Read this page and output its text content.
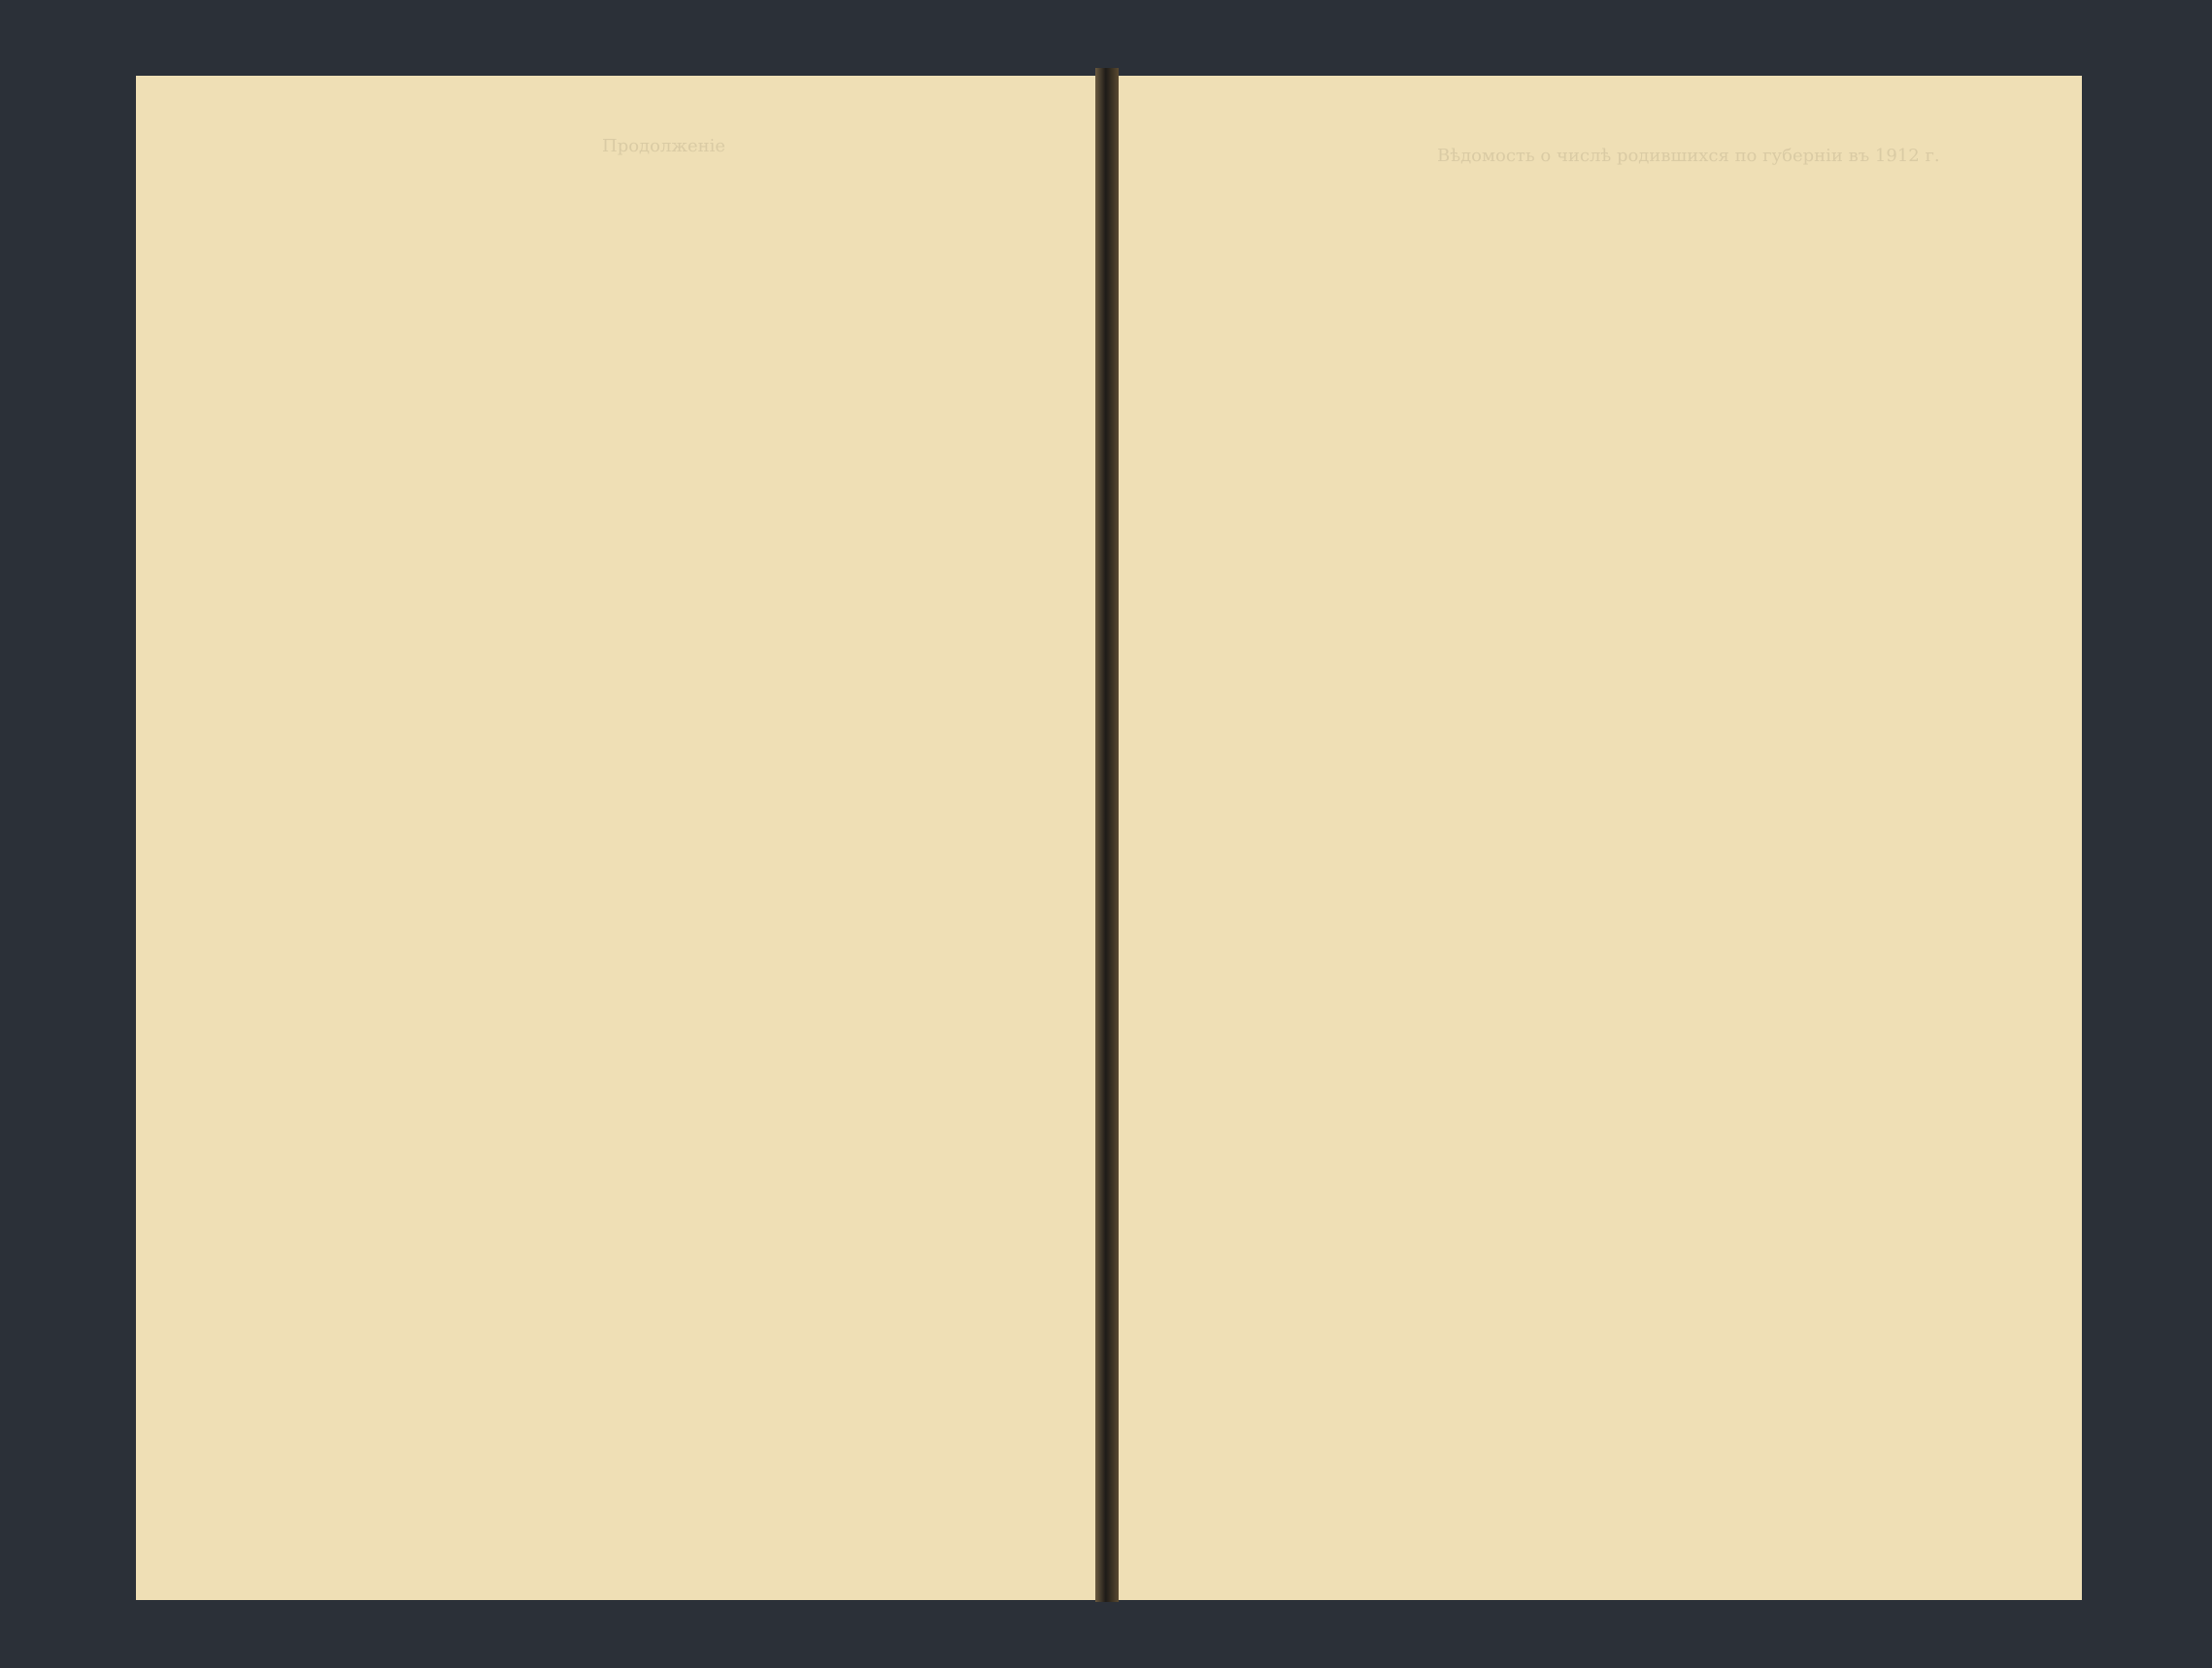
Продолженіе	Вѣдомость о числѣ родившихся по губерніи въ 1912 г.
